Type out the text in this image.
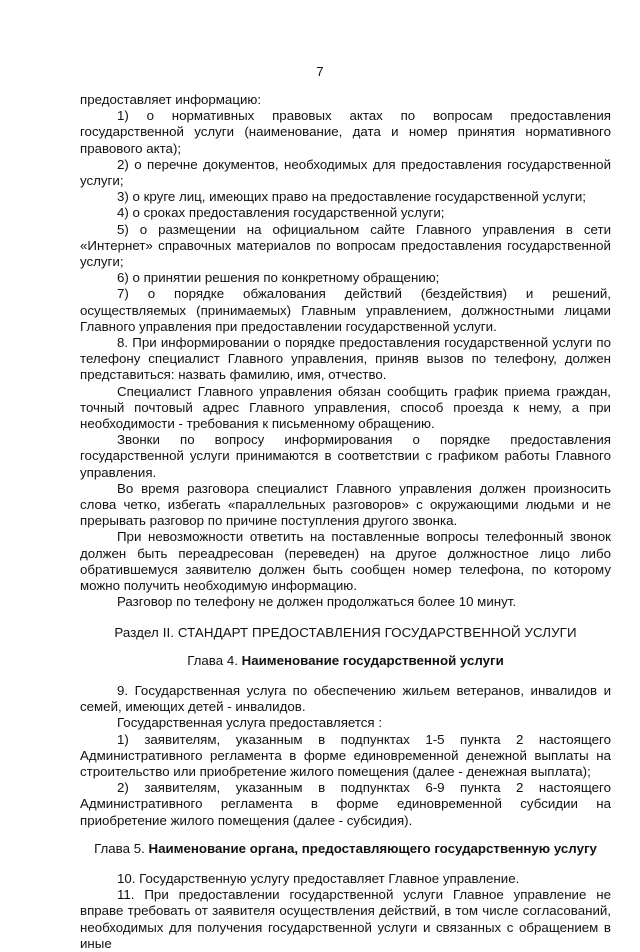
7

предоставляет информацию:

1) о нормативных правовых актах по вопросам предоставления государственной услуги (наименование, дата и номер принятия нормативного правового акта);

2) о перечне документов, необходимых для предоставления государственной услуги;

3) о круге лиц, имеющих право на предоставление государственной услуги;

4) о сроках предоставления государственной услуги;

5) о размещении на официальном сайте Главного управления в сети «Интернет» справочных материалов по вопросам предоставления государственной услуги;

6) о принятии решения по конкретному обращению;

7) о порядке обжалования действий (бездействия) и решений, осуществляемых (принимаемых) Главным управлением, должностными лицами Главного управления при предоставлении государственной услуги.

8. При информировании о порядке предоставления государственной услуги по телефону специалист Главного управления, приняв вызов по телефону, должен представиться: назвать фамилию, имя, отчество.

Специалист Главного управления обязан сообщить график приема граждан, точный почтовый адрес Главного управления, способ проезда к нему, а при необходимости - требования к письменному обращению.

Звонки по вопросу информирования о порядке предоставления государственной услуги принимаются в соответствии с графиком работы Главного управления.

Во время разговора специалист Главного управления должен произносить слова четко, избегать «параллельных разговоров» с окружающими людьми и не прерывать разговор по причине поступления другого звонка.

При невозможности ответить на поставленные вопросы телефонный звонок должен быть переадресован (переведен) на другое должностное лицо либо обратившемуся заявителю должен быть сообщен номер телефона, по которому можно получить необходимую информацию.

Разговор по телефону не должен продолжаться более 10 минут.

Раздел II. СТАНДАРТ ПРЕДОСТАВЛЕНИЯ ГОСУДАРСТВЕННОЙ УСЛУГИ
Глава 4. Наименование государственной услуги

9. Государственная услуга по обеспечению жильем ветеранов, инвалидов и семей, имеющих детей - инвалидов.

Государственная услуга предоставляется :

1) заявителям, указанным в подпунктах 1-5 пункта 2 настоящего Административного регламента в форме единовременной денежной выплаты на строительство или приобретение жилого помещения (далее - денежная выплата);

2) заявителям, указанным в подпунктах 6-9 пункта 2 настоящего Административного регламента в форме единовременной субсидии на приобретение жилого помещения (далее - субсидия).

Глава 5. Наименование органа, предоставляющего государственную услугу

10. Государственную услугу предоставляет Главное управление.

11. При предоставлении государственной услуги Главное управление не вправе требовать от заявителя осуществления действий, в том числе согласований, необходимых для получения государственной услуги и связанных с обращением в иные
